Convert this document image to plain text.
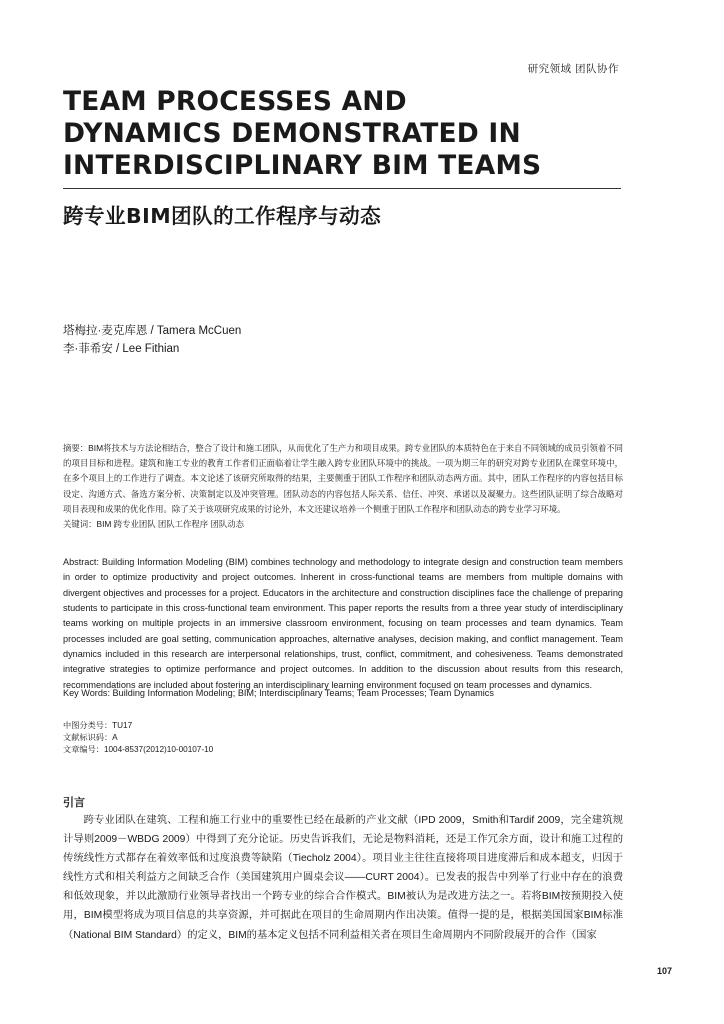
研究领域 团队协作
TEAM PROCESSES AND
DYNAMICS DEMONSTRATED IN
INTERDISCIPLINARY BIM TEAMS
跨专业BIM团队的工作程序与动态
塔梅拉·麦克库恩 / Tamera McCuen
李·菲希安 / Lee Fithian

摘要：BIM将技术与方法论相结合，整合了设计和施工团队，从而优化了生产力和项目成果。跨专业团队的本质特色在于来自不同领域的成员引领着不同的项目目标和进程。建筑和施工专业的教育工作者们正面临着让学生融入跨专业团队环境中的挑战。一项为期三年的研究对跨专业团队在课堂环境中，在多个项目上的工作进行了调查。本文论述了该研究所取得的结果，主要侧重于团队工作程序和团队动态两方面。其中，团队工作程序的内容包括目标设定、沟通方式、备选方案分析、决策制定以及冲突管理。团队动态的内容包括人际关系、信任、冲突、承诺以及凝聚力。这些团队证明了综合战略对项目表现和成果的优化作用。除了关于该项研究成果的讨论外，本文还建议培养一个侧重于团队工作程序和团队动态的跨专业学习环境。

关键词：BIM 跨专业团队 团队工作程序 团队动态

Abstract: Building Information Modeling (BIM) combines technology and methodology to integrate design and construction team members in order to optimize productivity and project outcomes. Inherent in cross-functional teams are members from multiple domains with divergent objectives and processes for a project. Educators in the architecture and construction disciplines face the challenge of preparing students to participate in this cross-functional team environment. This paper reports the results from a three year study of interdisciplinary teams working on multiple projects in an immersive classroom environment, focusing on team processes and team dynamics. Team processes included are goal setting, communication approaches, alternative analyses, decision making, and conflict management. Team dynamics included in this research are interpersonal relationships, trust, conflict, commitment, and cohesiveness. Teams demonstrated integrative strategies to optimize performance and project outcomes. In addition to the discussion about results from this research, recommendations are included about fostering an interdisciplinary learning environment focused on team processes and dynamics.

Key Words: Building Information Modeling; BIM; Interdisciplinary Teams; Team Processes; Team Dynamics
中图分类号：TU17
文献标识码：A
文章编号：1004-8537(2012)10-00107-10
引言

跨专业团队在建筑、工程和施工行业中的重要性已经在最新的产业文献（IPD 2009，Smith和Tardif 2009，完全建筑规计导则2009－WBDG 2009）中得到了充分论证。历史告诉我们，无论是物料消耗，还是工作冗余方面，设计和施工过程的传统线性方式都存在着效率低和过度浪费等缺陷（Tiecholz 2004）。项目业主往往直接将项目进度滞后和成本超支，归因于线性方式和相关利益方之间缺乏合作（美国建筑用户圆桌会议——CURT 2004）。已发表的报告中列举了行业中存在的浪费和低效现象，并以此激励行业领导者找出一个跨专业的综合合作模式。BIM被认为是改进方法之一。若将BIM按预期投入使用，BIM模型将成为项目信息的共享资源，并可据此在项目的生命周期内作出决策。值得一提的是，根据美国国家BIM标准（National BIM Standard）的定义，BIM的基本定义包括不同利益相关者在项目生命周期内不同阶段展开的合作（国家

107
